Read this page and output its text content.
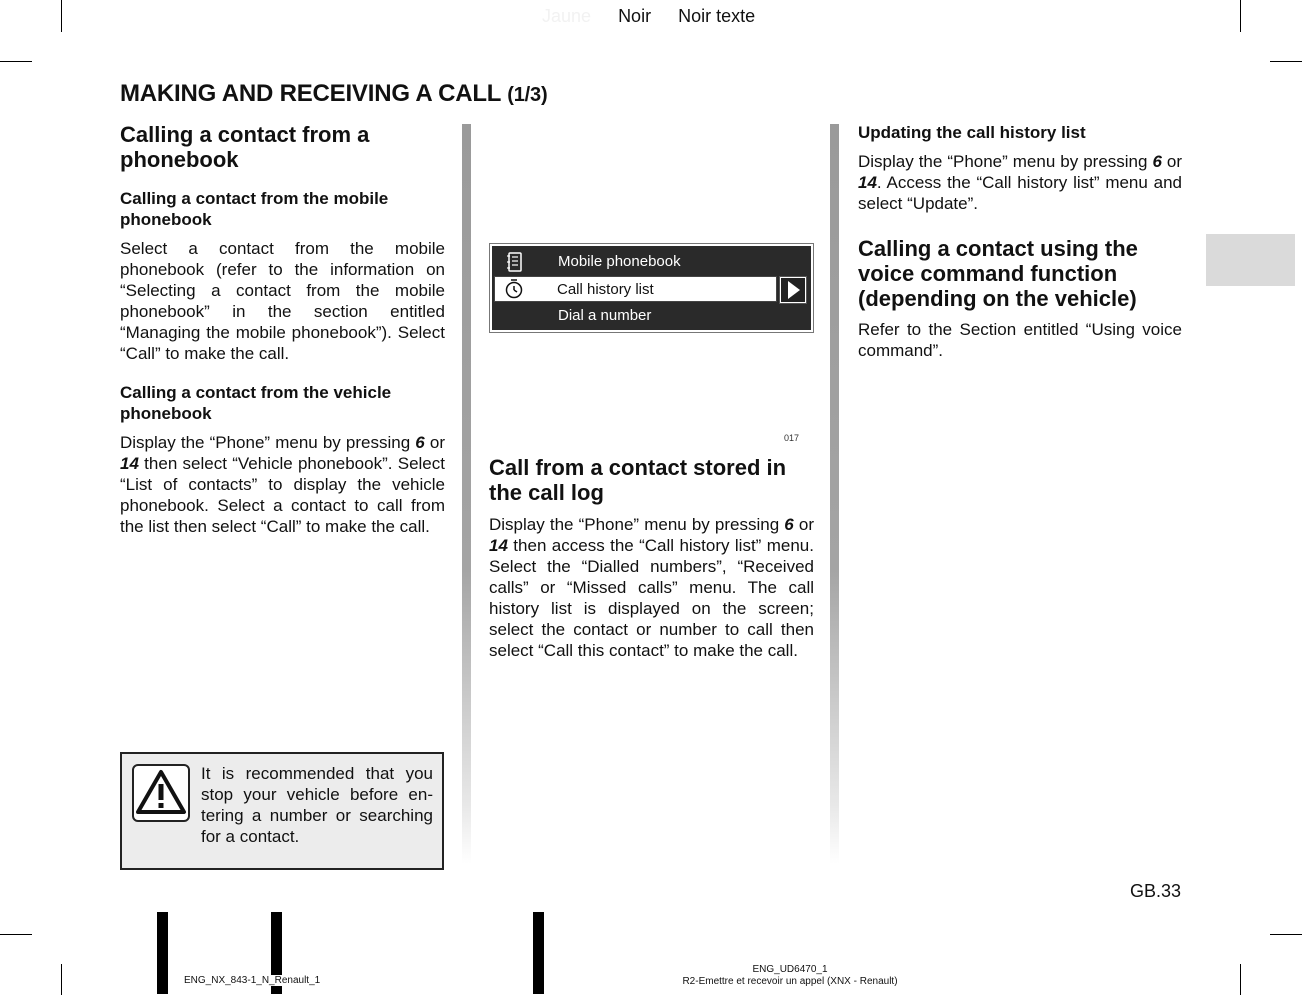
Jaune Noir Noir texte
MAKING AND RECEIVING A CALL (1/3)
Calling a contact from a phonebook
Calling a contact from the mobile phonebook

Select a contact from the mobile phonebook (refer to the information on “Selecting a contact from the mobile phonebook” in the section entitled “Managing the mobile phonebook”). Select “Call” to make the call.

Calling a contact from the vehicle phonebook

Display the “Phone” menu by pressing 6 or 14 then select “Vehicle phonebook”. Select “List of contacts” to display the vehicle phonebook. Select a contact to call from the list then select “Call” to make the call.

Mobile phonebook
Call history list
Dial a number
017
Call from a contact stored in the call log

Display the “Phone” menu by pressing 6 or 14 then access the “Call history list” menu. Select the “Dialled numbers”, “Received calls” or “Missed calls” menu. The call history list is displayed on the screen; select the contact or number to call then select “Call this contact” to make the call.

Updating the call history list

Display the “Phone” menu by pressing 6 or 14. Access the “Call history list” menu and select “Update”.

Calling a contact using the voice command function (depending on the vehicle)

Refer to the Section entitled “Using voice command”.

It is recommended that you stop your vehicle before entering a number or searching for a contact.
GB.33
ENG_NX_843-1_N_Renault_1
ENG_UD6470_1
R2-Emettre et recevoir un appel (XNX - Renault)
